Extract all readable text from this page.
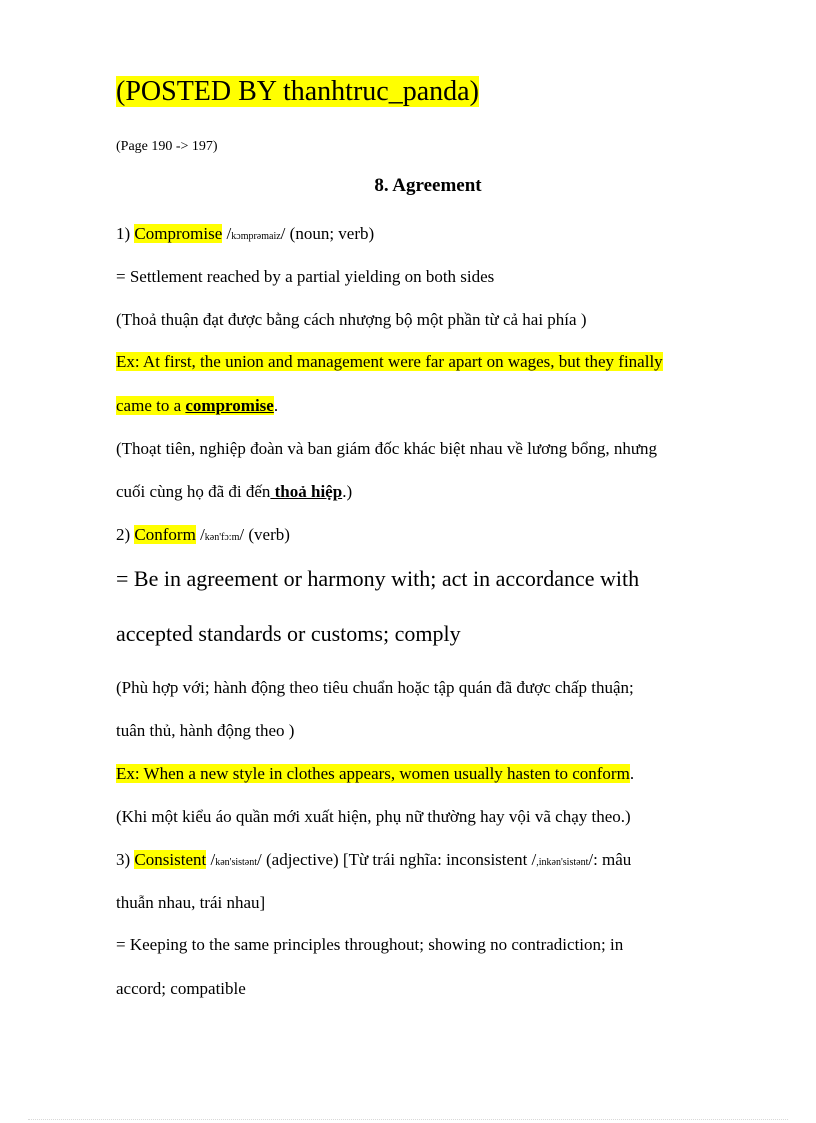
(POSTED BY thanhtruc_panda)
(Page 190 -> 197)
8. Agreement
1) Compromise /kɔmprəmaiz/ (noun; verb)
= Settlement reached by a partial yielding on both sides
(Thoả thuận đạt được bằng cách nhượng bộ một phần từ cả hai phía )
Ex: At first, the union and management were far apart on wages, but they finally
came to a compromise.
(Thoạt tiên, nghiệp đoàn và ban giám đốc khác biệt nhau về lương bổng, nhưng
cuối cùng họ đã đi đến thoả hiệp.)
2) Conform /kən'fɔ:m/ (verb)
= Be in agreement or harmony with; act in accordance with
accepted standards or customs; comply
(Phù hợp với; hành động theo tiêu chuẩn hoặc tập quán đã được chấp thuận;
tuân thủ, hành động theo )
Ex: When a new style in clothes appears, women usually hasten to conform.
(Khi một kiểu áo quần mới xuất hiện, phụ nữ thường hay vội vã chạy theo.)
3) Consistent /kən'sistənt/ (adjective) [Từ trái nghĩa: inconsistent /,inkən'sistənt/: mâu
thuẫn nhau, trái nhau]
= Keeping to the same principles throughout; showing no contradiction; in
accord; compatible
